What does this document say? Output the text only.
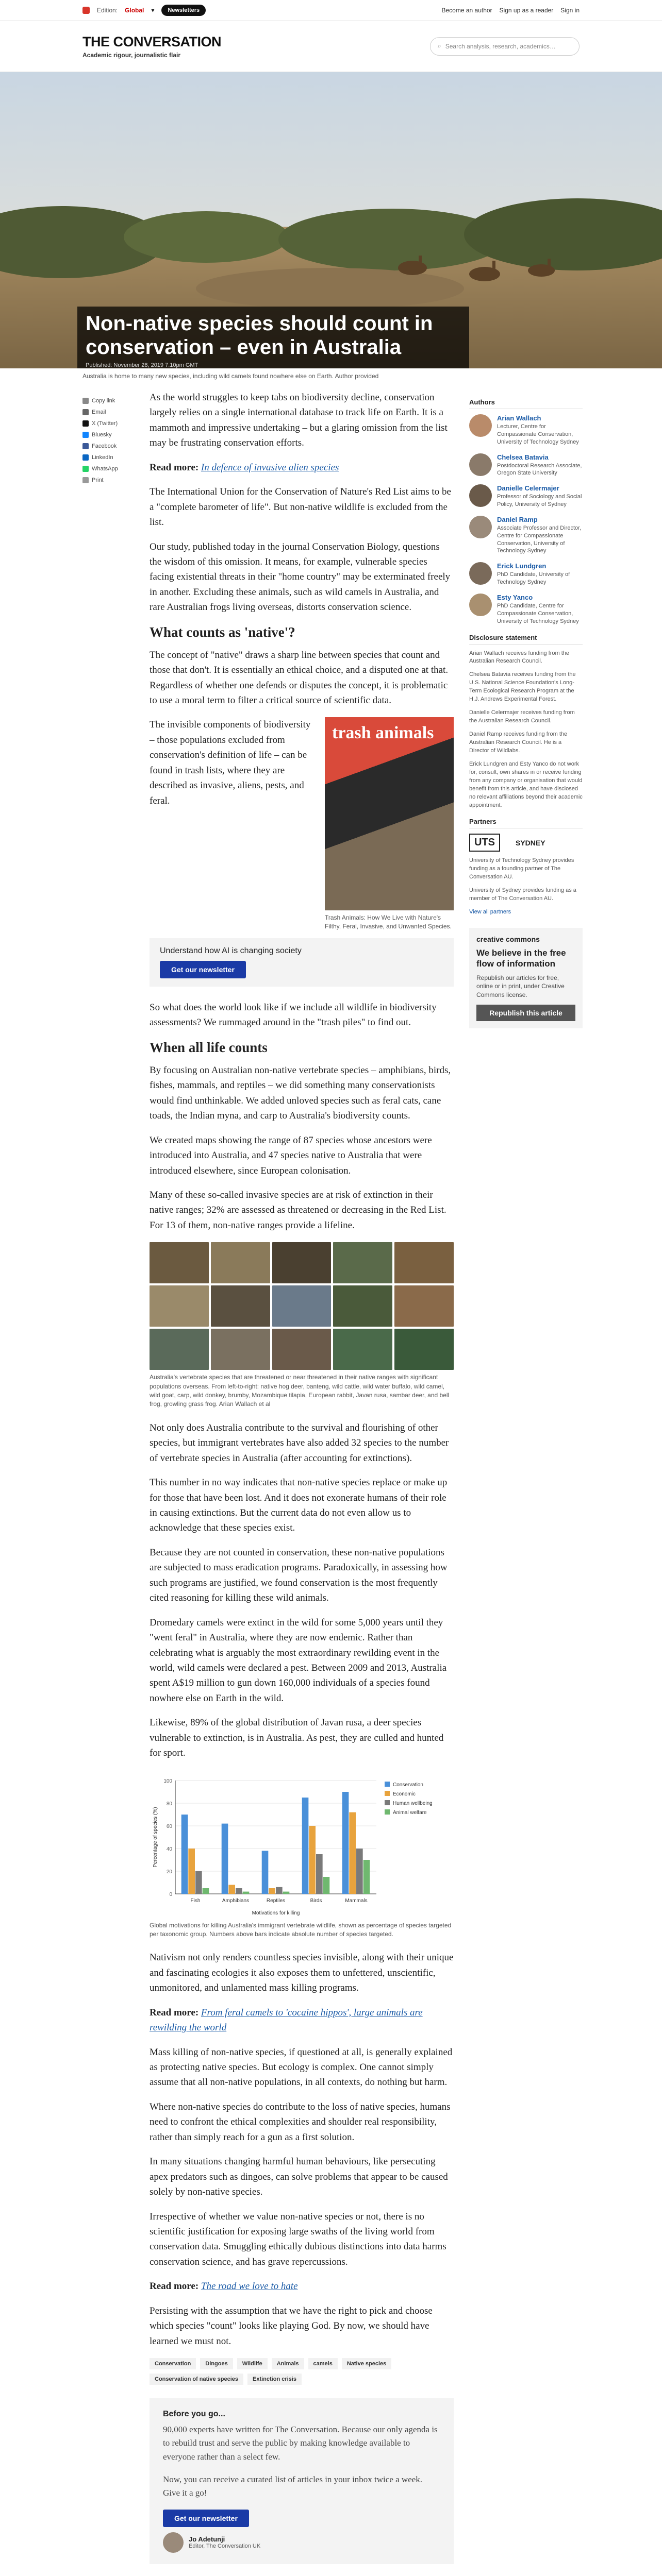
Edition: Global ▾	Newsletters	Become an author Sign up as a reader Sign in
THE CONVERSATION
Academic rigour, journalistic flair
⌕ Search analysis, research, academics…
Non-native species should count in conservation – even in Australia
Published: November 28, 2019 7.10pm GMT
Australia is home to many new species, including wild camels found nowhere else on Earth. Author provided
Copy link
Email
X (Twitter)
Bluesky
Facebook
LinkedIn
WhatsApp
Print

As the world struggles to keep tabs on biodiversity decline, conservation largely relies on a single international database to track life on Earth. It is a mammoth and impressive undertaking – but a glaring omission from the list may be frustrating conservation efforts.

Read more: In defence of invasive alien species

The International Union for the Conservation of Nature's Red List aims to be a "complete barometer of life". But non-native wildlife is excluded from the list.

Our study, published today in the journal Conservation Biology, questions the wisdom of this omission. It means, for example, vulnerable species facing existential threats in their "home country" may be exterminated freely in another. Excluding these animals, such as wild camels in Australia, and rare Australian frogs living overseas, distorts conservation science.

What counts as 'native'?

The concept of "native" draws a sharp line between species that count and those that don't. It is essentially an ethical choice, and a disputed one at that. Regardless of whether one defends or disputes the concept, it is problematic to use a moral term to filter a critical source of scientific data.

The invisible components of biodiversity – those populations excluded from conservation's definition of life – can be found in trash lists, where they are described as invasive, aliens, pests, and feral.

trash animals
Trash Animals: How We Live with Nature's Filthy, Feral, Invasive, and Unwanted Species.
Understand how AI is changing society
Get our newsletter

So what does the world look like if we include all wildlife in biodiversity assessments? We rummaged around in the "trash piles" to find out.

When all life counts

By focusing on Australian non-native vertebrate species – amphibians, birds, fishes, mammals, and reptiles – we did something many conservationists would find unthinkable. We added unloved species such as feral cats, cane toads, the Indian myna, and carp to Australia's biodiversity counts.

We created maps showing the range of 87 species whose ancestors were introduced into Australia, and 47 species native to Australia that were introduced elsewhere, since European colonisation.

Many of these so-called invasive species are at risk of extinction in their native ranges; 32% are assessed as threatened or decreasing in the Red List. For 13 of them, non-native ranges provide a lifeline.

Australia's vertebrate species that are threatened or near threatened in their native ranges with significant populations overseas. From left-to-right: native hog deer, banteng, wild cattle, wild water buffalo, wild camel, wild goat, carp, wild donkey, brumby, Mozambique tilapia, European rabbit, Javan rusa, sambar deer, and bell frog, growling grass frog. Arian Wallach et al

Not only does Australia contribute to the survival and flourishing of other species, but immigrant vertebrates have also added 32 species to the number of vertebrate species in Australia (after accounting for extinctions).

This number in no way indicates that non-native species replace or make up for those that have been lost. And it does not exonerate humans of their role in causing extinctions. But the current data do not even allow us to acknowledge that these species exist.

Because they are not counted in conservation, these non-native populations are subjected to mass eradication programs. Paradoxically, in assessing how such programs are justified, we found conservation is the most frequently cited reasoning for killing these wild animals.

Dromedary camels were extinct in the wild for some 5,000 years until they "went feral" in Australia, where they are now endemic. Rather than celebrating what is arguably the most extraordinary rewilding event in the world, wild camels were declared a pest. Between 2009 and 2013, Australia spent A$19 million to gun down 160,000 individuals of a species found nowhere else on Earth in the wild.

Likewise, 89% of the global distribution of Javan rusa, a deer species vulnerable to extinction, is in Australia. As pest, they are culled and hunted for sport.

0
20
40
60
80
100
Fish	Amphibians	Reptiles	Birds	Mammals
Motivations for killing
Percentage of species (%)
Conservation
Economic
Human wellbeing
Animal welfare
Global motivations for killing Australia's immigrant vertebrate wildlife, shown as percentage of species targeted per taxonomic group. Numbers above bars indicate absolute number of species targeted.

Nativism not only renders countless species invisible, along with their unique and fascinating ecologies it also exposes them to unfettered, unscientific, unmonitored, and unlamented mass killing programs.

Read more: From feral camels to 'cocaine hippos', large animals are rewilding the world

Mass killing of non-native species, if questioned at all, is generally explained as protecting native species. But ecology is complex. One cannot simply assume that all non-native populations, in all contexts, do nothing but harm.

Where non-native species do contribute to the loss of native species, humans need to confront the ethical complexities and shoulder real responsibility, rather than simply reach for a gun as a first solution.

In many situations changing harmful human behaviours, like persecuting apex predators such as dingoes, can solve problems that appear to be caused solely by non-native species.

Irrespective of whether we value non-native species or not, there is no scientific justification for exposing large swaths of the living world from conservation data. Smuggling ethically dubious distinctions into data harms conservation science, and has grave repercussions.

Read more: The road we love to hate

Persisting with the assumption that we have the right to pick and choose which species "count" looks like playing God. By now, we should have learned we must not.

Conservation	Dingoes	Wildlife	Animals	camels	Native species
Conservation of native species	Extinction crisis
Before you go...

90,000 experts have written for The Conversation. Because our only agenda is to rebuild trust and serve the public by making knowledge available to everyone rather than a select few.

Now, you can receive a curated list of articles in your inbox twice a week. Give it a go!

Get our newsletter
Jo Adetunji
Editor, The Conversation UK
Authors
Arian Wallach
Lecturer, Centre for Compassionate Conservation, University of Technology Sydney
Chelsea Batavia
Postdoctoral Research Associate, Oregon State University
Danielle Celermajer
Professor of Sociology and Social Policy, University of Sydney
Daniel Ramp
Associate Professor and Director, Centre for Compassionate Conservation, University of Technology Sydney
Erick Lundgren
PhD Candidate, University of Technology Sydney
Esty Yanco
PhD Candidate, Centre for Compassionate Conservation, University of Technology Sydney
Disclosure statement
Arian Wallach receives funding from the Australian Research Council.
Chelsea Batavia receives funding from the U.S. National Science Foundation's Long-Term Ecological Research Program at the H.J. Andrews Experimental Forest.
Danielle Celermajer receives funding from the Australian Research Council.
Daniel Ramp receives funding from the Australian Research Council. He is a Director of Wildlabs.
Erick Lundgren and Esty Yanco do not work for, consult, own shares in or receive funding from any company or organisation that would benefit from this article, and have disclosed no relevant affiliations beyond their academic appointment.
Partners
UTS	SYDNEY
University of Technology Sydney provides funding as a founding partner of The Conversation AU.
University of Sydney provides funding as a member of The Conversation AU.
View all partners
creative commons
We believe in the free flow of information

Republish our articles for free, online or in print, under Creative Commons license.

Republish this article
